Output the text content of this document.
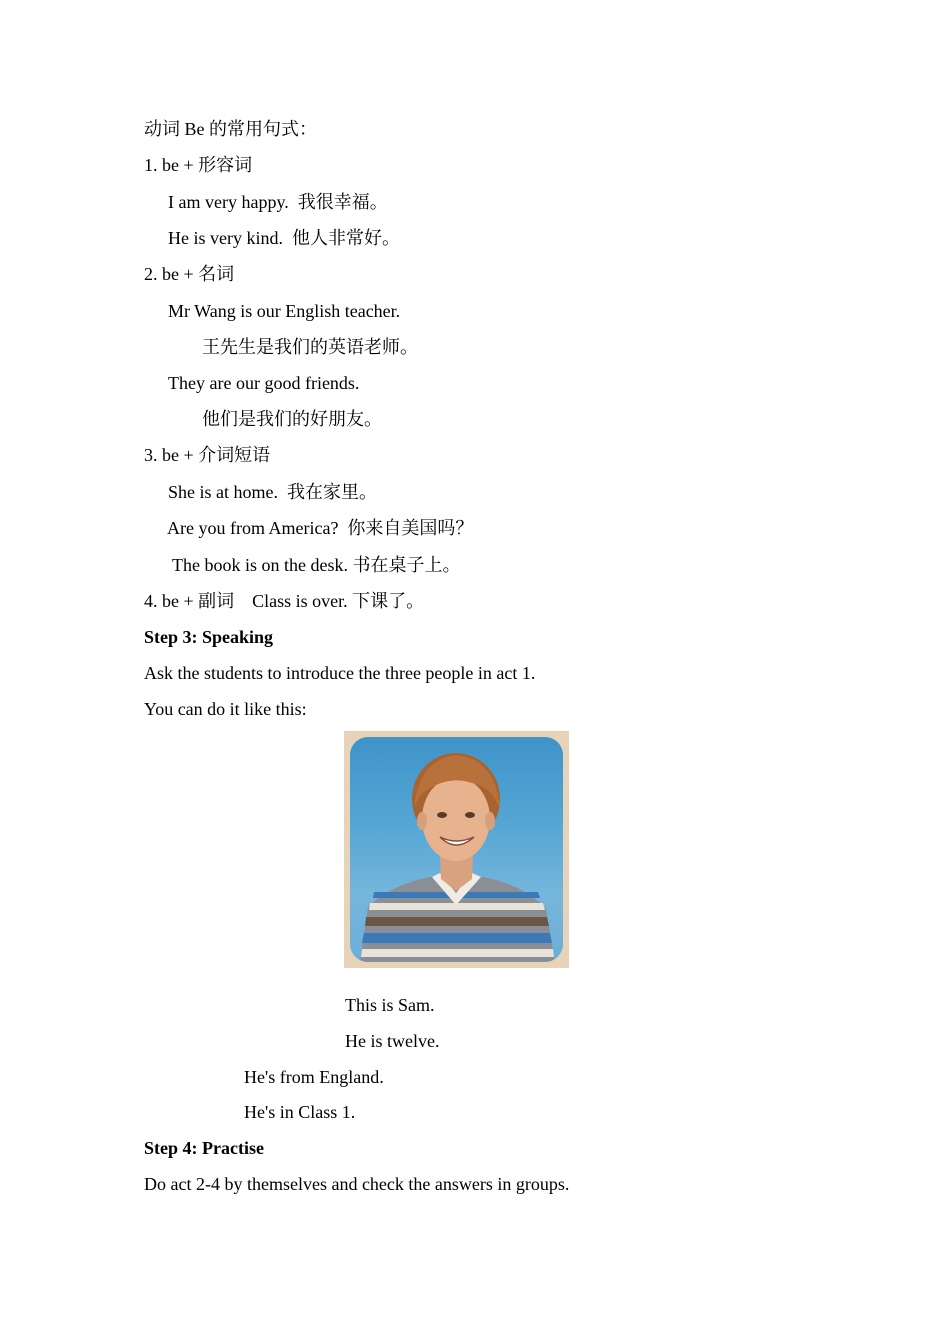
动词 Be 的常用句式：
1. be + 形容词
I am very happy.  我很幸福。
He is very kind.  他人非常好。
2. be + 名词
Mr Wang is our English teacher.
王先生是我们的英语老师。
They are our good friends.
他们是我们的好朋友。
3. be + 介词短语
She is at home.  我在家里。
Are you from America?  你来自美国吗？
The book is on the desk. 书在桌子上。
4. be + 副词    Class is over. 下课了。
Step 3: Speaking
Ask the students to introduce the three people in act 1.
You can do it like this:
This is Sam.
He is twelve.
He's from England.
He's in Class 1.
Step 4: Practise
Do act 2-4 by themselves and check the answers in groups.
